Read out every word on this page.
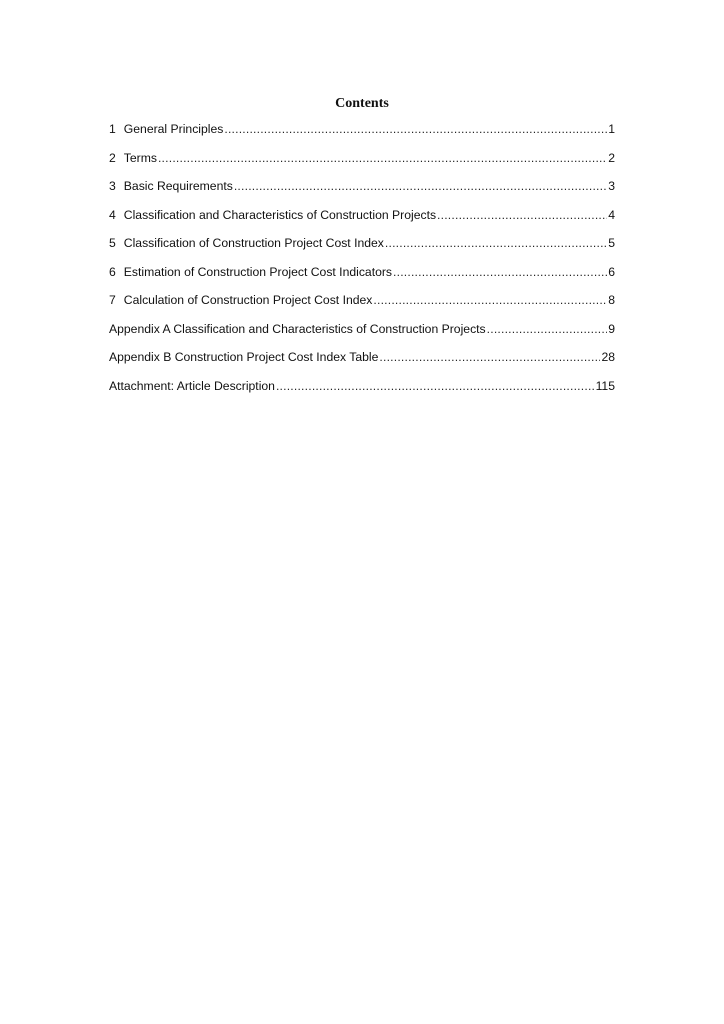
Contents
1 General Principles .....	1
2 Terms .....	2
3 Basic Requirements .....	3
4 Classification and Characteristics of Construction Projects .....	4
5 Classification of Construction Project Cost Index .....	5
6 Estimation of Construction Project Cost Indicators .....	6
7 Calculation of Construction Project Cost Index .....	8
Appendix A Classification and Characteristics of Construction Projects .....	9
Appendix B Construction Project Cost Index Table .....	28
Attachment: Article Description .....	115
